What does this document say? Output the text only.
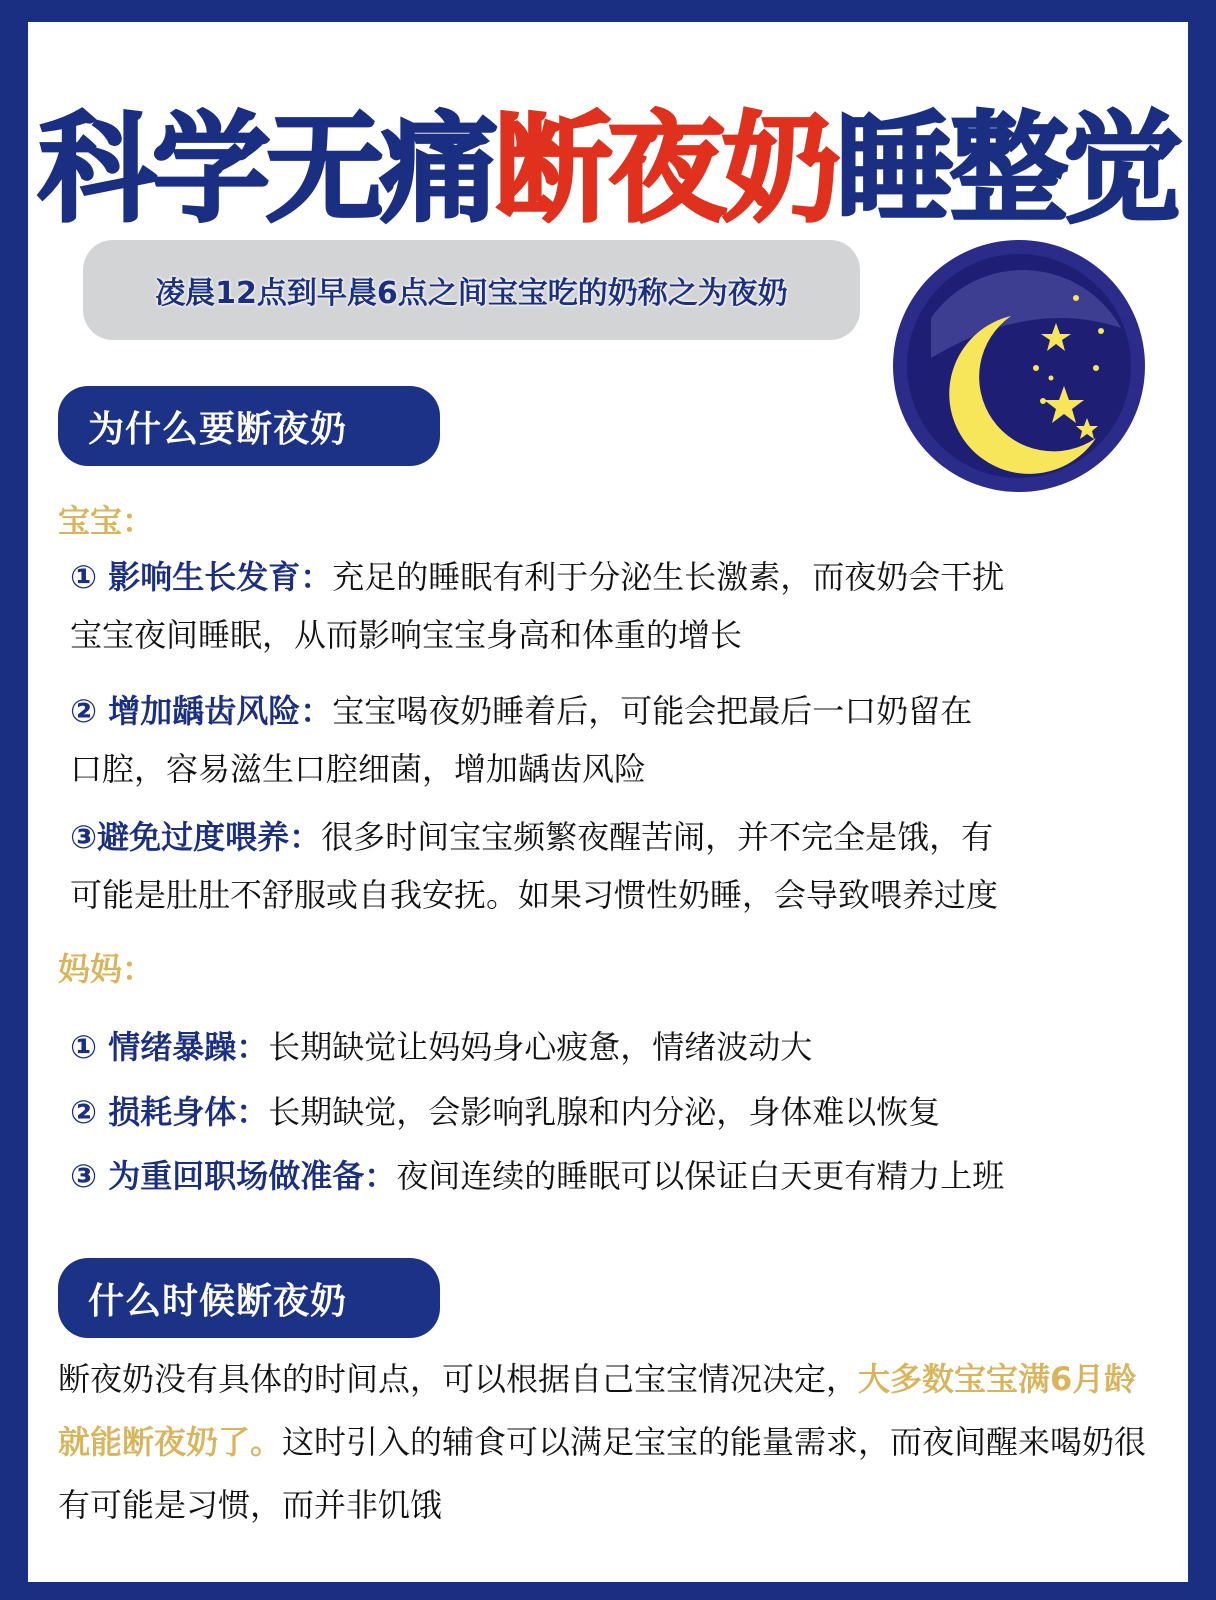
科学无痛断夜奶睡整觉
凌晨12点到早晨6点之间宝宝吃的奶称之为夜奶
为什么要断夜奶
宝宝：
① 影响生长发育：充足的睡眠有利于分泌生长激素，而夜奶会干扰
宝宝夜间睡眠，从而影响宝宝身高和体重的增长
② 增加龋齿风险：宝宝喝夜奶睡着后，可能会把最后一口奶留在
口腔，容易滋生口腔细菌，增加龋齿风险
③避免过度喂养：很多时间宝宝频繁夜醒苦闹，并不完全是饿，有
可能是肚肚不舒服或自我安抚。如果习惯性奶睡，会导致喂养过度
妈妈：
① 情绪暴躁：长期缺觉让妈妈身心疲惫，情绪波动大
② 损耗身体：长期缺觉，会影响乳腺和内分泌，身体难以恢复
③ 为重回职场做准备：夜间连续的睡眠可以保证白天更有精力上班
什么时候断夜奶
断夜奶没有具体的时间点，可以根据自己宝宝情况决定，大多数宝宝满6月龄就能断夜奶了。这时引入的辅食可以满足宝宝的能量需求，而夜间醒来喝奶很有可能是习惯，而并非饥饿
